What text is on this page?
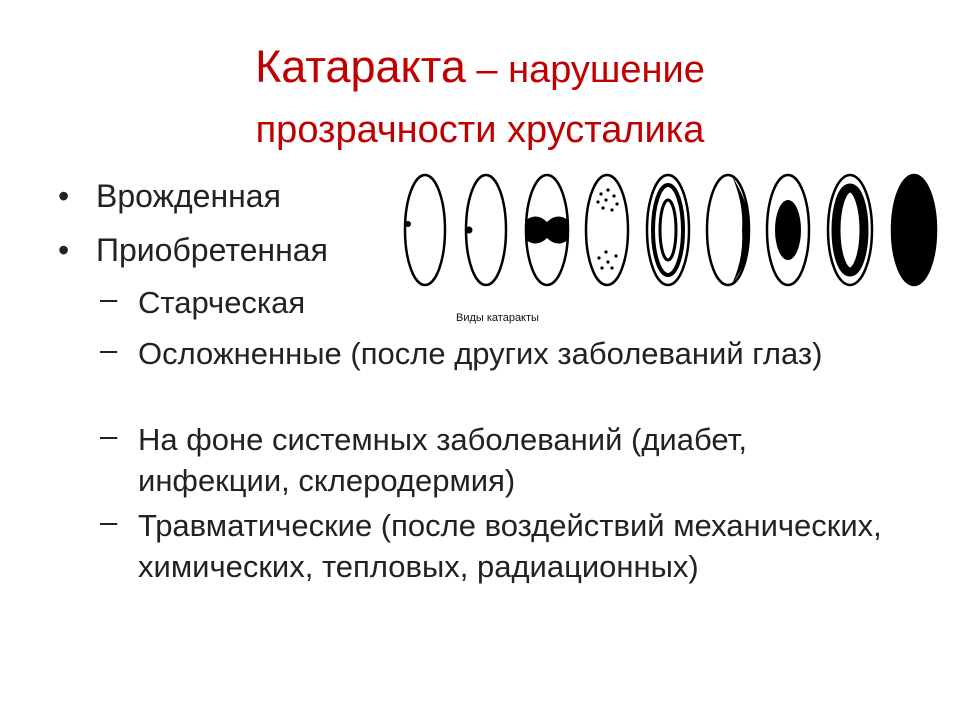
Катаракта – нарушение
прозрачности хрусталика
• Врожденная
• Приобретенная
– Старческая
– Осложненные (после других заболеваний глаз)
– На фоне системных заболеваний (диабет, инфекции, склеродермия)
– Травматические (после воздействий механических, химических, тепловых, радиационных)
Виды катаракты
